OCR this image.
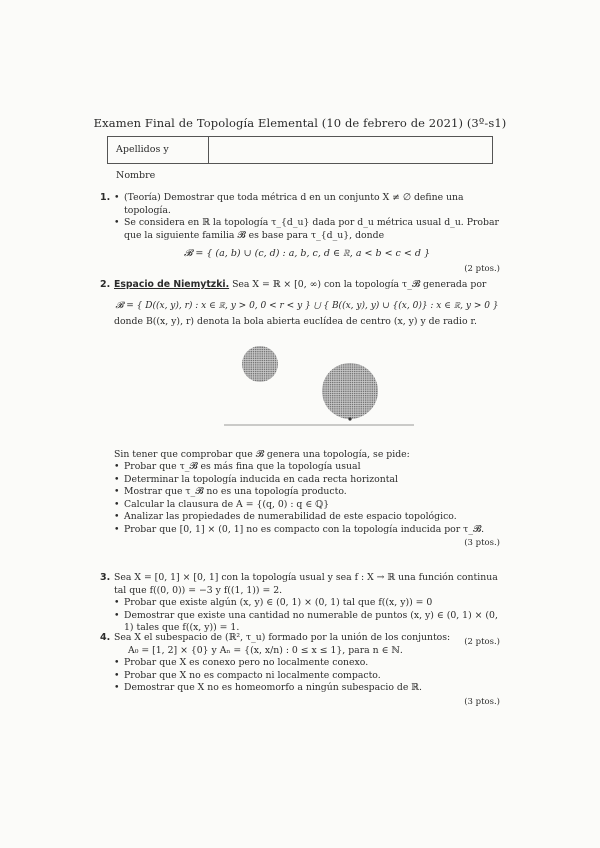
Examen Final de Topología Elemental (10 de febrero de 2021) (3º-s1)
Apellidos y Nombre
1.
•	(Teoría) Demostrar que toda métrica d en un conjunto X ≠ ∅ define una topología.
• Se considera en ℝ la topología τ_{d_u} dada por d_u métrica usual d_u. Probar que la siguiente familia 𝓑 es base para τ_{d_u}, donde
𝓑 = { (a, b) ∪ (c, d) : a, b, c, d ∈ ℝ, a < b < c < d }
(2 ptos.)
2. Espacio de Niemytzki. Sea X = ℝ × [0, ∞) con la topología τ_𝓑 generada por
𝓑 = { D((x, y), r) : x ∈ ℝ, y > 0, 0 < r < y } ⋃ { B((x, y), y) ∪ {(x, 0)} : x ∈ ℝ, y > 0 }
donde B((x, y), r) denota la bola abierta euclídea de centro (x, y) y de radio r.
Sin tener que comprobar que 𝓑 genera una topología, se pide:
• Probar que τ_𝓑 es más fina que la topología usual
• Determinar la topología inducida en cada recta horizontal
• Mostrar que τ_𝓑 no es una topología producto.
• Calcular la clausura de A = {(q, 0) : q ∈ ℚ}
• Analizar las propiedades de numerabilidad de este espacio topológico.
• Probar que [0, 1] × (0, 1] no es compacto con la topología inducida por τ_𝓑.
(3 ptos.)
3. Sea X = [0, 1] × [0, 1] con la topología usual y sea f : X → ℝ una función continua tal que f((0, 0)) = −3 y f((1, 1)) = 2.
• Probar que existe algún (x, y) ∈ (0, 1) × (0, 1) tal que f((x, y)) = 0
• Demostrar que existe una cantidad no numerable de puntos (x, y) ∈ (0, 1) × (0, 1) tales que f((x, y)) = 1.
(2 ptos.)
4. Sea X el subespacio de (ℝ², τ_u) formado por la unión de los conjuntos:
A₀ = [1, 2] × {0} y Aₙ = {(x, x/n) : 0 ≤ x ≤ 1}, para n ∈ ℕ.
• Probar que X es conexo pero no localmente conexo.
• Probar que X no es compacto ni localmente compacto.
• Demostrar que X no es homeomorfo a ningún subespacio de ℝ.
(3 ptos.)
